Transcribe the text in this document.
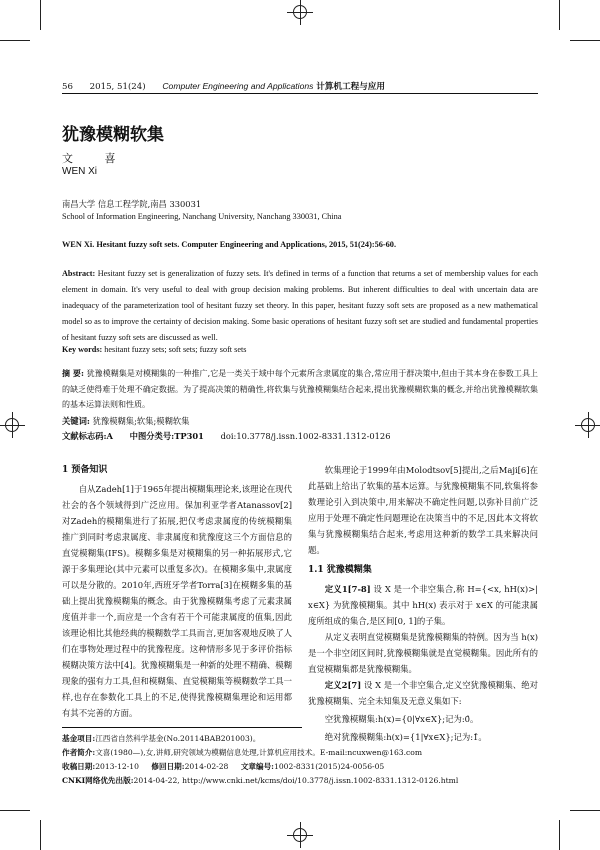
56 2015, 51(24) Computer Engineering and Applications 计算机工程与应用
犹豫模糊软集
文 喜
WEN Xi
南昌大学 信息工程学院,南昌 330031
School of Information Engineering, Nanchang University, Nanchang 330031, China
WEN Xi. Hesitant fuzzy soft sets. Computer Engineering and Applications, 2015, 51(24):56-60.
Abstract: Hesitant fuzzy set is generalization of fuzzy sets. It's defined in terms of a function that returns a set of membership values for each element in domain. It's very useful to deal with group decision making problems. But inherent difficulties to deal with uncertain data are inadequacy of the parameterization tool of hesitant fuzzy set theory. In this paper, hesitant fuzzy soft sets are proposed as a new mathematical model so as to improve the certainty of decision making. Some basic operations of hesitant fuzzy soft set are studied and fundamental properties of hesitant fuzzy soft sets are discussed as well.
Key words: hesitant fuzzy sets; soft sets; fuzzy soft sets
摘 要: 犹豫模糊集是对模糊集的一种推广,它是一类关于域中每个元素所含隶属度的集合,常应用于群决策中,但由于其本身在参数工具上的缺乏使得难于处理不确定数据。为了提高决策的精确性,将软集与犹豫模糊集结合起来,提出犹豫模糊软集的概念,并给出犹豫模糊软集的基本运算法则和性质。
关键词: 犹豫模糊集;软集;模糊软集
文献标志码:A 中图分类号:TP301 doi:10.3778/j.issn.1002-8331.1312-0126
1 预备知识

自从Zadeh[1]于1965年提出模糊集理论来,该理论在现代社会的各个领域得到广泛应用。保加利亚学者Atanassov[2]对Zadeh的模糊集进行了拓展,把仅考虑隶属度的传统模糊集推广到同时考虑隶属度、非隶属度和犹豫度这三个方面信息的直觉模糊集(IFS)。模糊多集是对模糊集的另一种拓展形式,它源于多集理论(其中元素可以重复多次)。在模糊多集中,隶属度可以是分散的。2010年,西班牙学者Torra[3]在模糊多集的基础上提出犹豫模糊集的概念。由于犹豫模糊集考虑了元素隶属度值并非一个,而应是一个含有若干个可能隶属度的值集,因此该理论相比其他经典的模糊数学工具而言,更加客观地反映了人们在事物处理过程中的犹豫程度。这种情形多见于多评价指标模糊决策方法中[4]。犹豫模糊集是一种新的处理不精确、模糊现象的强有力工具,但和模糊集、直觉模糊集等模糊数学工具一样,也存在参数化工具上的不足,使得犹豫模糊集理论和运用都有其不完善的方面。

软集理论于1999年由Molodtsov[5]提出,之后Maji[6]在此基础上给出了软集的基本运算。与犹豫模糊集不同,软集将参数理论引入到决策中,用来解决不确定性问题,以弥补目前广泛应用于处理不确定性问题理论在决策当中的不足,因此本文将软集与犹豫模糊集结合起来,考虑用这种新的数学工具来解决问题。

1.1 犹豫模糊集

定义1[7-8] 设 X 是一个非空集合,称 H={<x, hH(x)>| x∈X} 为犹豫模糊集。其中 hH(x) 表示对于 x∈X 的可能隶属度所组成的集合,是区间[0, 1]的子集。

从定义表明直觉模糊集是犹豫模糊集的特例。因为当 h(x) 是一个非空闭区间时,犹豫模糊集就是直觉模糊集。因此所有的直觉模糊集都是犹豫模糊集。

定义2[7] 设 X 是一个非空集合,定义空犹豫模糊集、绝对犹豫模糊集、完全未知集及无意义集如下:

空犹豫模糊集:h(x)={0|∀x∈X};记为:0̂。

绝对犹豫模糊集:h(x)={1|∀x∈X};记为:1̂。

基金项目:江西省自然科学基金(No.20114BAB201003)。
作者简介:文喜(1980—),女,讲师,研究领域为模糊信息处理,计算机应用技术。E-mail:ncuxwen@163.com
收稿日期:2013-12-10 修回日期:2014-02-28 文章编号:1002-8331(2015)24-0056-05
CNKI网络优先出版:2014-04-22, http://www.cnki.net/kcms/doi/10.3778/j.issn.1002-8331.1312-0126.html
